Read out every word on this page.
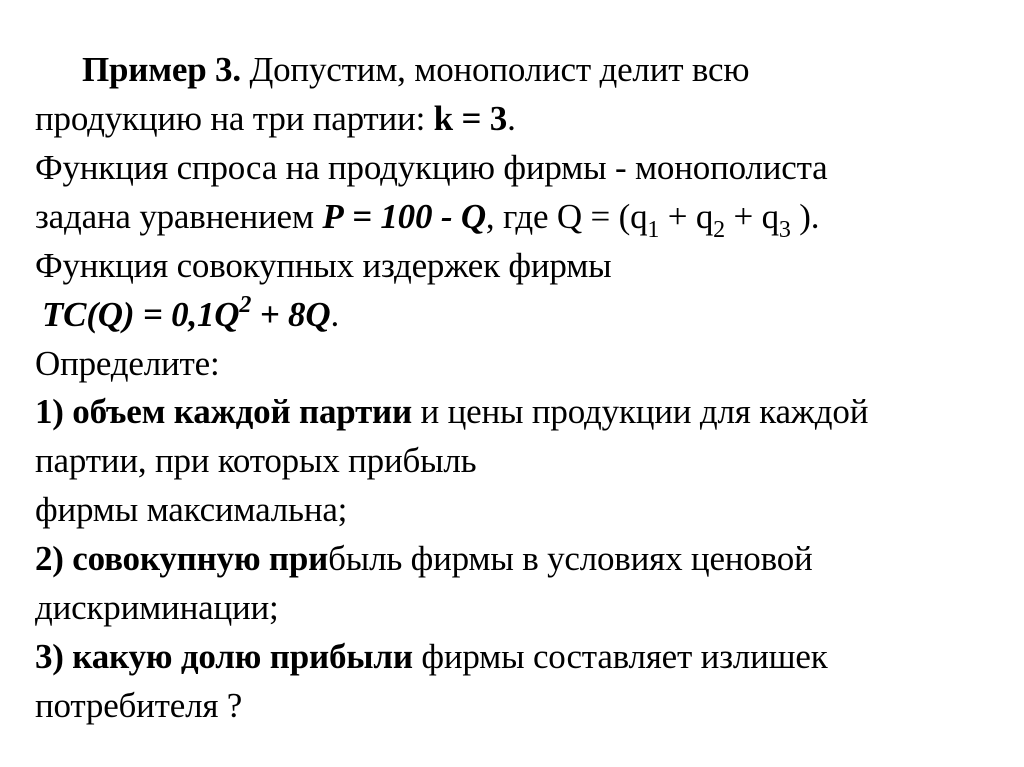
Пример 3. Допустим, монополист делит всю
продукцию на три партии: k = 3.
Функция спроса на продукцию фирмы - монополиста
задана уравнением Р = 100 - Q, где $Q = (q_1 + q_2 + q_3$ ).
Функция совокупных издержек фирмы
$TC(Q) = 0,1Q^2 + 8Q$.
Определите:
1) объем каждой партии и цены продукции для каждой
партии, при которых прибыль
фирмы максимальна;
2) совокупную прибыль фирмы в условиях ценовой
дискриминации;
3) какую долю прибыли фирмы составляет излишек
потребителя ?
